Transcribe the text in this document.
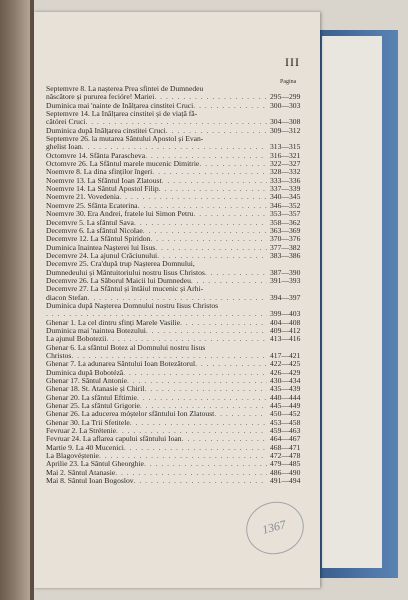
III
Pagina
Septemvre 8. La nașterea Prea sfintei de Dumnedeu
născătore și pururea fecióre! Mariei . . .	295—299
Duminica mai 'nainte de Inălțarea cinstitei Cruci . . .	300—303
Septemvre 14. La Inălțarea cinstitei și de viață fă-
cătórei Cruci . . .	304—308
Duminica după Inălțarea cinstitei Cruci . . .	309—312
Septemvre 26. la mutarea Săntului Apostol și Evan-
ghelist Ioan . . .	313—315
Octomvre 14. Sfânta Parascheva . . .	316—321
Octomvre 26. La Sfântul marele mucenic Dimitrie . . .	322—327
Noemvre 8. La dina sfinților îngeri . . .	328—332
Noemvre 13. La Sfântul Ioan Zlatoust . . .	333—336
Noemvre 14. La Săntul Apostol Filip . . .	337—339
Noemvre 21. Vovedenia . . .	340—345
Noemvre 25. Sfânta Ecaterina . . .	346—352
Noemvre 30. Era Andrei, fratele lui Simon Petru . . .	353—357
Decemvre 5. La sfântul Sava . . .	358—362
Decemvre 6. La sfântul Nicolae . . .	363—369
Decemvre 12. La Sfântul Spiridon . . .	370—376
Duminica înaintea Nașterei lui Iisus . . .	377—382
Decemvre 24. La ajunul Crăciunului . . .	383—386
Decemvre 25. Cra'după trup Nașterea Domnului,
Dumnedeului și Mântuitoriului nostru Iisus Christos . . .	387—390
Decemvre 26. La Săborul Maicii lui Dumnedeu . . .	391—393
Decemvre 27. La Sfântul și întâiul mucenic și Arhi-
diacon Stefan . . .	394—397
Duminica după Nașterea Domnului nostru Iisus Christos
. . .
399—403
Ghenar 1. La cel dintru sfinți Marele Vasilie . . .	404—408
Duminica mai 'naintea Botezului . . .	409—412
La ajunul Bobotezii . . .	413—416
Ghenar 6. La sfântul Botez al Domnului nostru Iisus
Christos . . .	417—421
Ghenar 7. La adunarea Săntului Ioan Botezătorul . . .	422—425
Duminica după Bobotéză . . .	426—429
Ghenar 17. Săntul Antonie . . .	430—434
Ghenar 18. St. Atanasie și Chiril . . .	435—439
Ghenar 20. La sfântul Eftimie . . .	440—444
Ghenar 25. La sfântul Grigorie . . .	445—449
Ghenar 26. La aducerea móștelor sfântului Ion Zlatoust . . .	450—452
Ghenar 30. La Trii Sfetitele . . .	453—458
Fevruar 2. La Strétenie . . .	459—463
Fevruar 24. La aflarea capului sfântului Ioan . . .	464—467
Martie 9. La 40 Mucenici . . .	468—471
La Blagovéștenie . . .	472—478
Aprilie 23. La Săntul Gheorghie . . .	479—485
Mai 2. Săntul Atanasie . . .	486—490
Mai 8. Săntul Ioan Bogoslov . . .	491—494
1367
